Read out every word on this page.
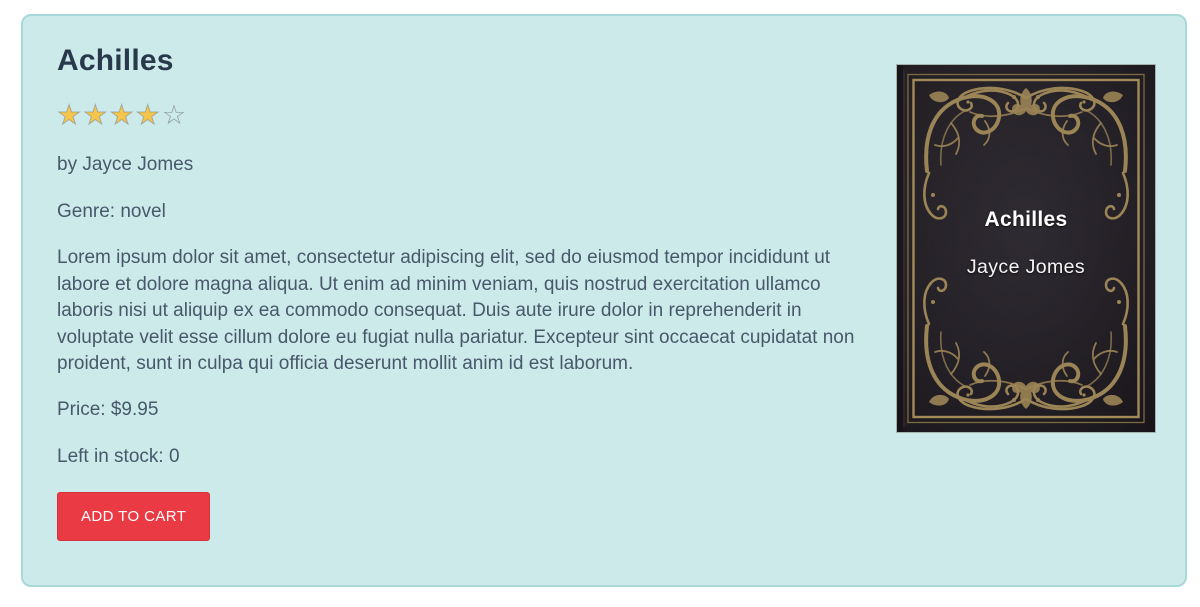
Achilles
★★★★☆
by Jayce Jomes
Genre: novel

Lorem ipsum dolor sit amet, consectetur adipiscing elit, sed do eiusmod tempor incididunt ut labore et dolore magna aliqua. Ut enim ad minim veniam, quis nostrud exercitation ullamco laboris nisi ut aliquip ex ea commodo consequat. Duis aute irure dolor in reprehenderit in voluptate velit esse cillum dolore eu fugiat nulla pariatur. Excepteur sint occaecat cupidatat non proident, sunt in culpa qui officia deserunt mollit anim id est laborum.

Price: $9.95
Left in stock: 0
ADD TO CART
Achilles
Jayce Jomes
